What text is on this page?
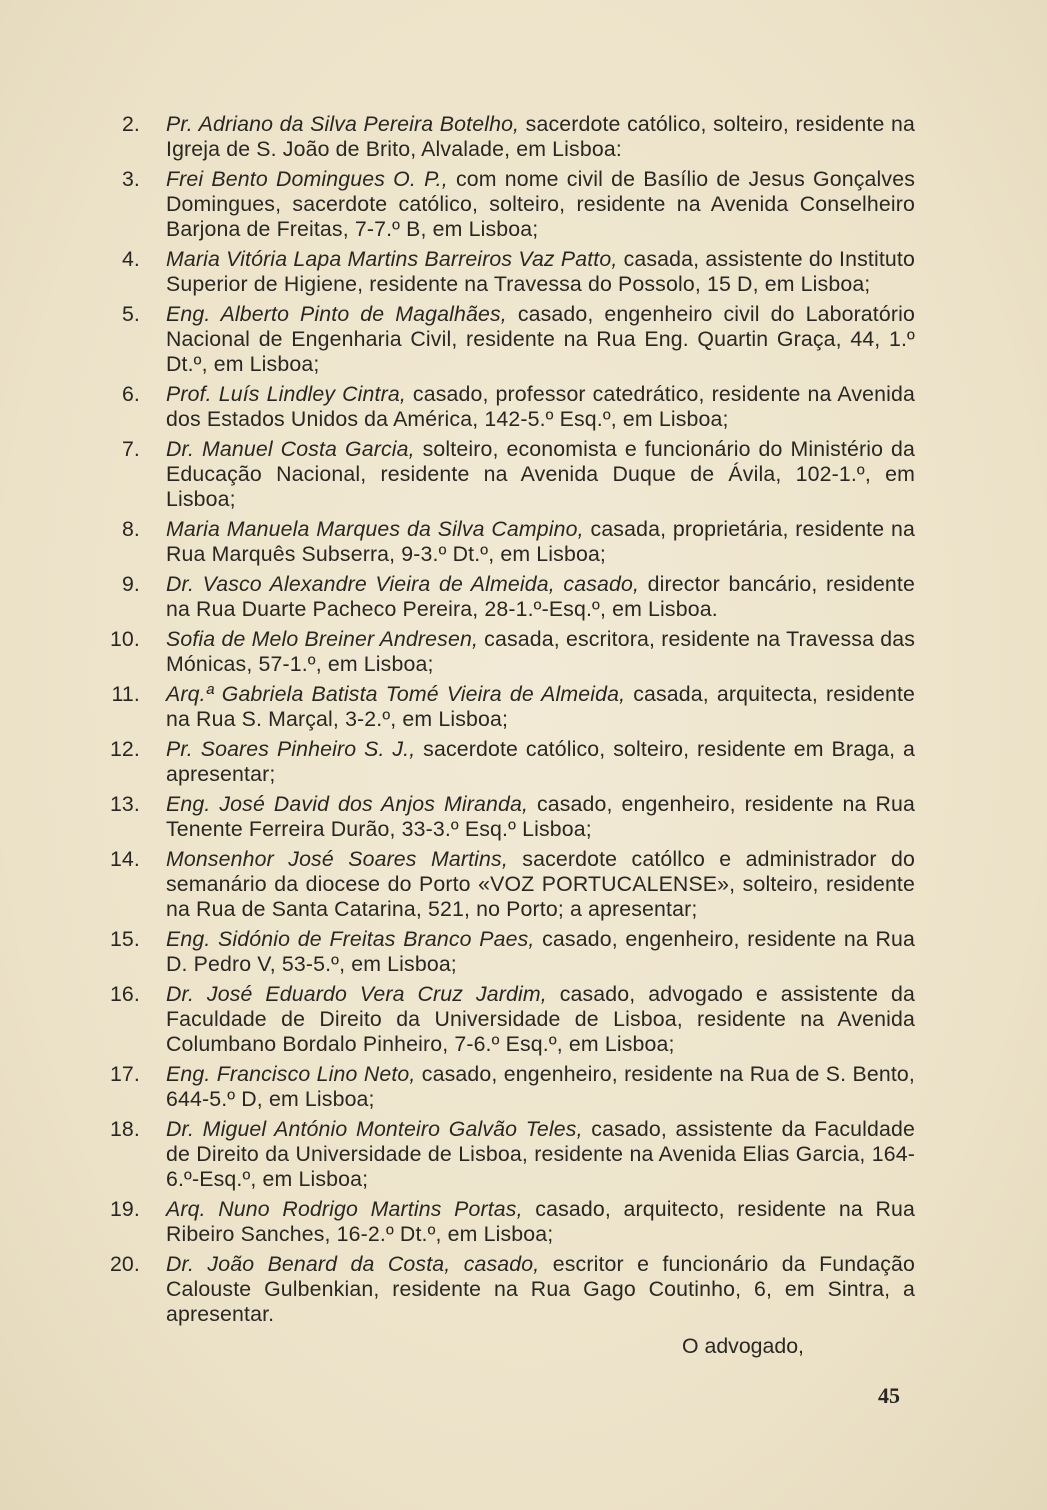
2. Pr. Adriano da Silva Pereira Botelho, sacerdote católico, solteiro, residente na Igreja de S. João de Brito, Alvalade, em Lisboa:
3. Frei Bento Domingues O. P., com nome civil de Basílio de Jesus Gonçalves Domingues, sacerdote católico, solteiro, residente na Avenida Conselheiro Barjona de Freitas, 7-7.º B, em Lisboa;
4. Maria Vitória Lapa Martins Barreiros Vaz Patto, casada, assistente do Instituto Superior de Higiene, residente na Travessa do Possolo, 15 D, em Lisboa;
5. Eng. Alberto Pinto de Magalhães, casado, engenheiro civil do Laboratório Nacional de Engenharia Civil, residente na Rua Eng. Quartin Graça, 44, 1.º Dt.º, em Lisboa;
6. Prof. Luís Lindley Cintra, casado, professor catedrático, residente na Avenida dos Estados Unidos da América, 142-5.º Esq.º, em Lisboa;
7. Dr. Manuel Costa Garcia, solteiro, economista e funcionário do Ministério da Educação Nacional, residente na Avenida Duque de Ávila, 102-1.º, em Lisboa;
8. Maria Manuela Marques da Silva Campino, casada, proprietária, residente na Rua Marquês Subserra, 9-3.º Dt.º, em Lisboa;
9. Dr. Vasco Alexandre Vieira de Almeida, casado, director bancário, residente na Rua Duarte Pacheco Pereira, 28-1.º-Esq.º, em Lisboa.
10. Sofia de Melo Breiner Andresen, casada, escritora, residente na Travessa das Mónicas, 57-1.º, em Lisboa;
11. Arq.ª Gabriela Batista Tomé Vieira de Almeida, casada, arquitecta, residente na Rua S. Marçal, 3-2.º, em Lisboa;
12. Pr. Soares Pinheiro S. J., sacerdote católico, solteiro, residente em Braga, a apresentar;
13. Eng. José David dos Anjos Miranda, casado, engenheiro, residente na Rua Tenente Ferreira Durão, 33-3.º Esq.º Lisboa;
14. Monsenhor José Soares Martins, sacerdote católlco e administrador do semanário da diocese do Porto «VOZ PORTUCALENSE», solteiro, residente na Rua de Santa Catarina, 521, no Porto; a apresentar;
15. Eng. Sidónio de Freitas Branco Paes, casado, engenheiro, residente na Rua D. Pedro V, 53-5.º, em Lisboa;
16. Dr. José Eduardo Vera Cruz Jardim, casado, advogado e assistente da Faculdade de Direito da Universidade de Lisboa, residente na Avenida Columbano Bordalo Pinheiro, 7-6.º Esq.º, em Lisboa;
17. Eng. Francisco Lino Neto, casado, engenheiro, residente na Rua de S. Bento, 644-5.º D, em Lisboa;
18. Dr. Miguel António Monteiro Galvão Teles, casado, assistente da Faculdade de Direito da Universidade de Lisboa, residente na Avenida Elias Garcia, 164-6.º-Esq.º, em Lisboa;
19. Arq. Nuno Rodrigo Martins Portas, casado, arquitecto, residente na Rua Ribeiro Sanches, 16-2.º Dt.º, em Lisboa;
20. Dr. João Benard da Costa, casado, escritor e funcionário da Fundação Calouste Gulbenkian, residente na Rua Gago Coutinho, 6, em Sintra, a apresentar.
O advogado,
45
